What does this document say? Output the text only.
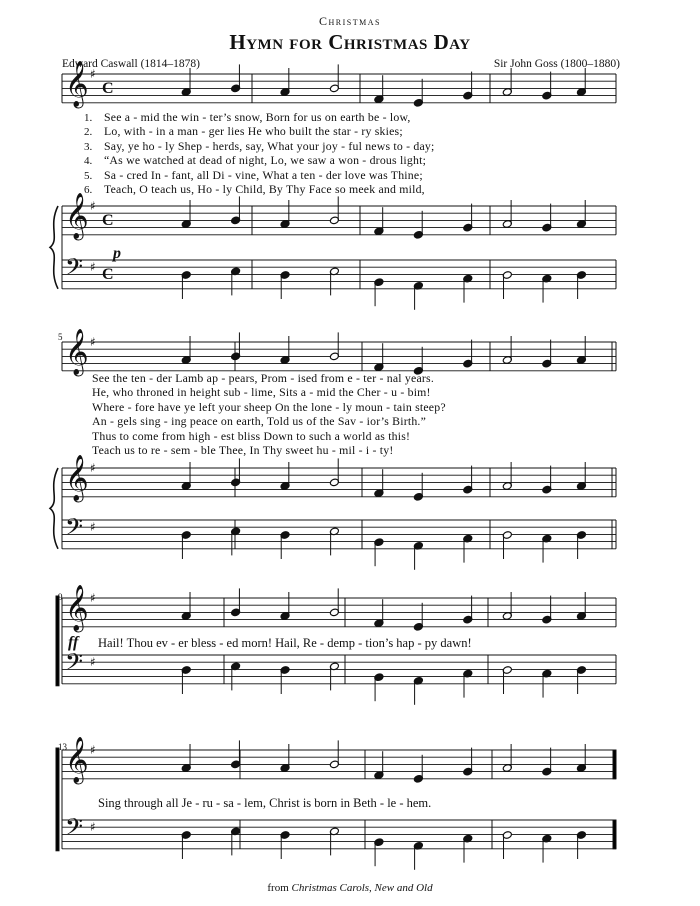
Christmas
Hymn for Christmas Day
Edward Caswall (1814–1878)	Sir John Goss (1800–1880)
𝄞 ♯
C
𝄞 ♯
C
𝄢 ♯ C
𝄞 ♯
𝄞 ♯
𝄢 ♯
𝄞 ♯
𝄢 ♯
𝄞 ♯
𝄢 ♯
1.
2.
3.
4.
5.
6.
See a - mid the win - ter’s snow, Born for us on earth be - low,
Lo, with - in a man - ger lies He who built the star - ry skies;
Say, ye ho - ly Shep - herds, say, What your joy - ful news to - day;
“As we watched at dead of night, Lo, we saw a won - drous light;
Sa - cred In - fant, all Di - vine, What a ten - der love was Thine;
Teach, O teach us, Ho - ly Child, By Thy Face so meek and mild,
See the ten - der Lamb ap - pears, Prom - ised from e - ter - nal years.
He, who throned in height sub - lime, Sits a - mid the Cher - u - bim!
Where - fore have ye left your sheep On the lone - ly moun - tain steep?
An - gels sing - ing peace on earth, Told us of the Sav - ior’s Birth.”
Thus to come from high - est bliss Down to such a world as this!
Teach us to re - sem - ble Thee, In Thy sweet hu - mil - i - ty!
Hail! Thou ev - er bless - ed morn! Hail, Re - demp - tion’s hap - py dawn!
Sing through all Je - ru - sa - lem, Christ is born in Beth - le - hem.
p
ff
5
9
13
from Christmas Carols, New and Old
